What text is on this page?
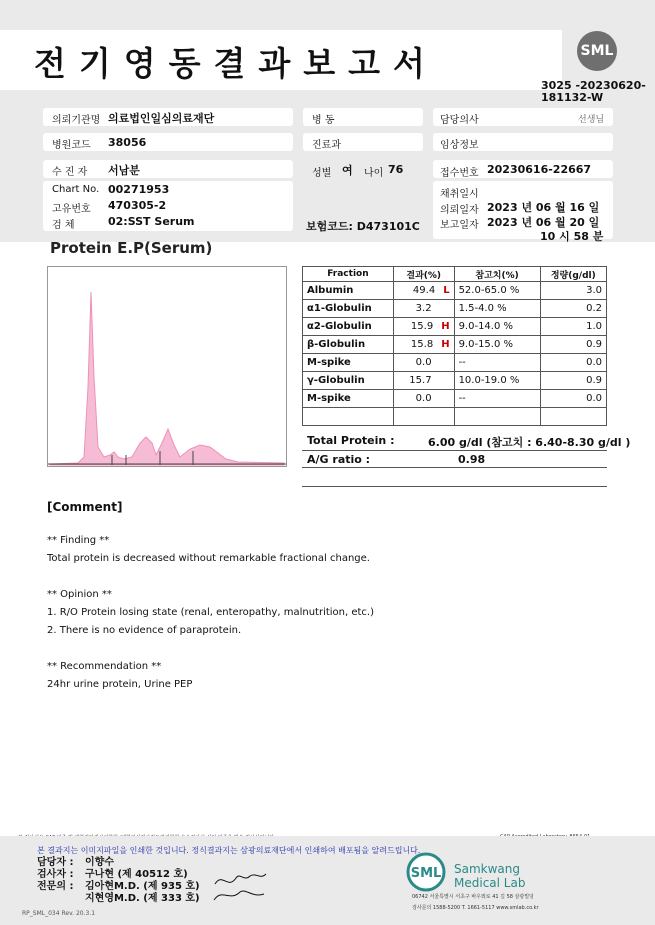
전기영동결과보고서	SML
3025 -20230620-
181132-W
의뢰기관명 의료법인일심의료재단	병 동	담당의사	선생님
병원코드 38056	진료과	임상정보
수 진 자 서남분	성별 여 나이 76	접수번호 20230616-22667
Chart No. 00271953
고유번호 470305-2
검 체	02:SST Serum	보험코드: D473101C
채취일시
의뢰일자 2023 년 06 월 16 일
보고일자 2023 년 06 월 20 일
10 시 58 분
Protein E.P(Serum)
Fraction	결과(%)	참고치(%)	정량(g/dl)
Albumin	49.4 L	52.0-65.0 %	3.0
α1-Globulin	3.2	1.5-4.0 %	0.2
α2-Globulin	15.9 H	9.0-14.0 %	1.0
β-Globulin	15.8 H	9.0-15.0 %	0.9
M-spike	0.0	--	0.0
γ-Globulin	15.7	10.0-19.0 %	0.9
M-spike	0.0	--	0.0

Total Protein :	6.00 g/dl (참고치 : 6.40-8.30 g/dl )
A/G ratio :	0.98
[Comment]
** Finding **
Total protein is decreased without remarkable fractional change.
** Opinion **
1. R/O Protein losing state (renal, enteropathy, malnutrition, etc.)
2. There is no evidence of paraprotein.
** Recommendation **
24hr urine protein, Urine PEP
본 결과지는 이미지파일을 인쇄한 것입니다. 정식결과지는 삼광의료재단에서 인쇄하여 배포됨을 알려드립니다.
담당자 : 이향수
검사자 : 구나현 (제 40512 호)
전문의 : 김아현M.D. (제 935 호)
지현영M.D. (제 333 호)
SML Samkwang
Medical Lab
06742 서울특별시 서초구 바우뫼로 41 길 58 삼광빌딩
검사문의 1588-5200 T. 1661-5117 www.smlab.co.kr
RP_SML_034 Rev. 20.3.1
